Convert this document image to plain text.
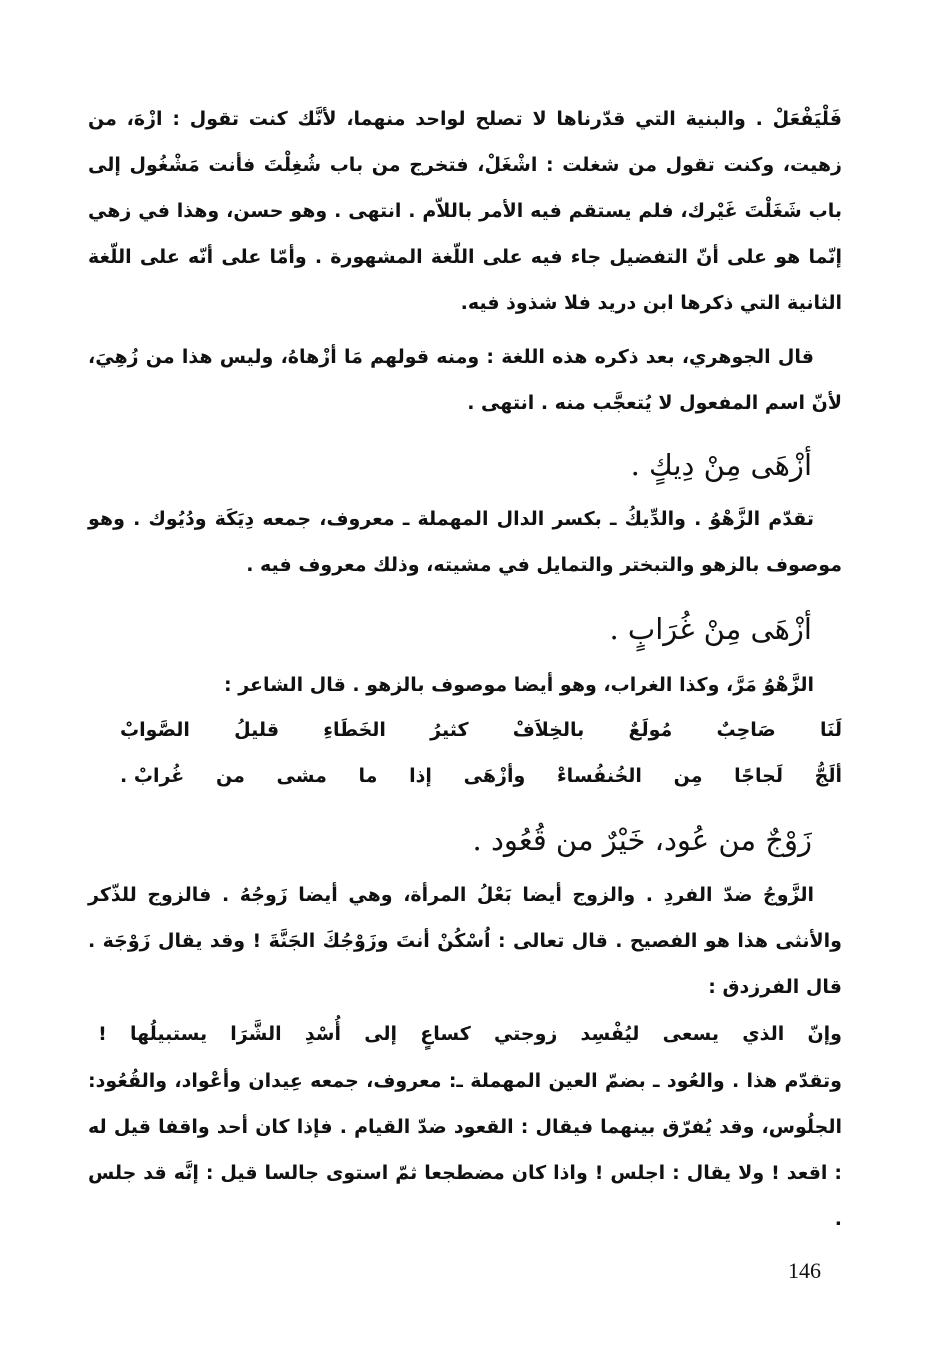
فَلْيَفْعَلْ . والبنية التي قدّرناها لا تصلح لواحد منهما، لأنَّك كنت تقول : ازْهَ، من زهيت، وكنت تقول من شغلت : اشْغَلْ، فتخرج من باب شُغِلْتَ فأنت مَشْغُول إلى باب شَغَلْتَ غَيْرك، فلم يستقم فيه الأمر باللاّم . انتهى . وهو حسن، وهذا في زهي إنّما هو على أنّ التفضيل جاء فيه على اللّغة المشهورة . وأمّا على أنّه على اللّغة الثانية التي ذكرها ابن دريد فلا شذوذ فيه.

قال الجوهري، بعد ذكره هذه اللغة : ومنه قولهم مَا أزْهاهُ، وليس هذا من زُهِيَ، لأنّ اسم المفعول لا يُتعجَّب منه . انتهى .

أزْهَى مِنْ دِيكٍ .

تقدّم الزَّهْوُ . والدِّيكُ ـ بكسر الدال المهملة ـ معروف، جمعه دِيَكَة ودُيُوك . وهو موصوف بالزهو والتبختر والتمايل في مشيته، وذلك معروف فيه .

أزْهَى مِنْ غُرَابٍ .

الزَّهْوُ مَرَّ، وكذا الغراب، وهو أيضا موصوف بالزهو . قال الشاعر :

لَنَا
صَاحِبٌ
مُولَعٌ
بالخِلاَفْ
كثيرُ
الخَطَاءِ
قليلُ
الصَّوابْ
ألَجُّ
لَجاجًا
مِن
الخُنفُساءْ
وأزْهَى
إذا
ما
مشى
من
غُرابْ .
زَوْجٌ من عُود، خَيْرٌ من قُعُود .

الزَّوجُ ضدّ الفردِ . والزوج أيضا بَعْلُ المرأة، وهي أيضا زَوجُهُ . فالزوج للذّكر والأنثى هذا هو الفصيح . قال تعالى : اُسْكُنْ أنتَ وزَوْجُكَ الجَنَّةَ ! وقد يقال زَوْجَة . قال الفرزدق :

وإنّ
الذي
يسعى
ليُفْسِد
زوجتي
كساعٍ
إلى
أُسْدِ
الشَّرَا
يستبيلُها
!

وتقدّم هذا . والعُود ـ بضمّ العين المهملة ـ: معروف، جمعه عِيدان وأعْواد، والقُعُود: الجلُوس، وقد يُفرّق بينهما فيقال : القعود ضدّ القيام . فإذا كان أحد واقفا قيل له : اقعد ! ولا يقال : اجلس ! واذا كان مضطجعا ثمّ استوى جالسا قيل : إنَّه قد جلس .

146
